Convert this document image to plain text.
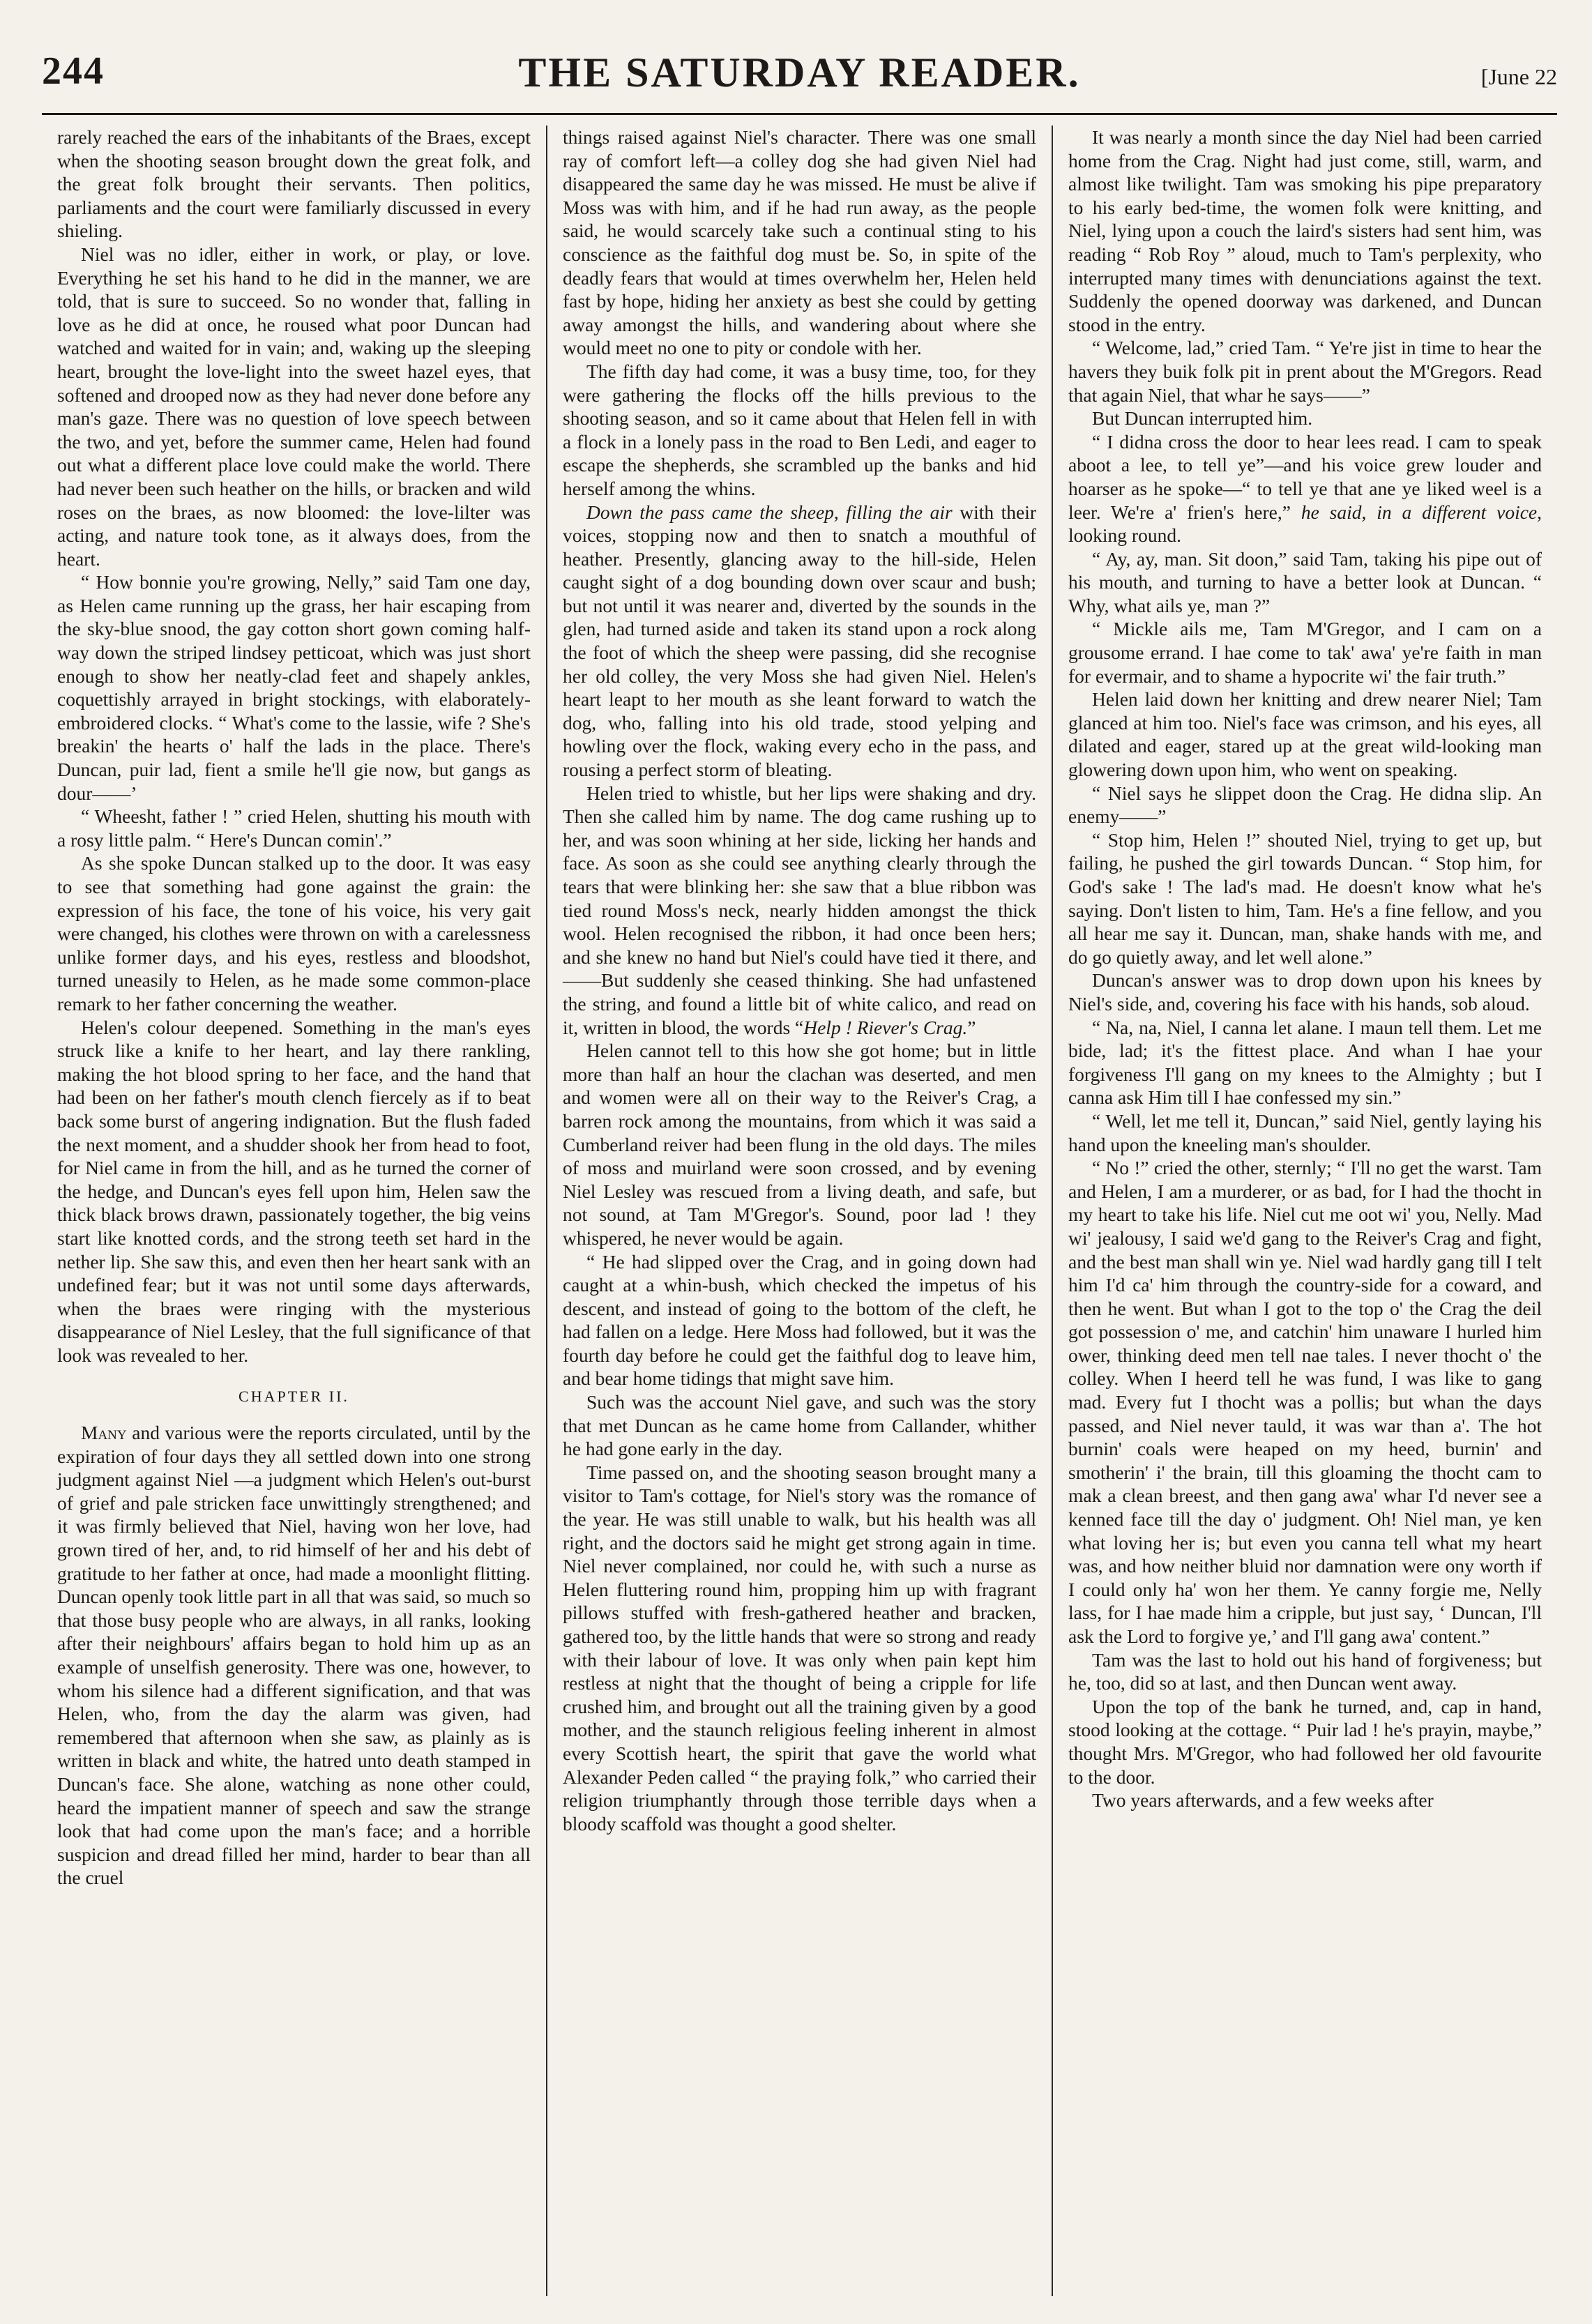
244	THE SATURDAY READER.	[June 22

rarely reached the ears of the inhabitants of the Braes, except when the shooting season brought down the great folk, and the great folk brought their servants. Then politics, parliaments and the court were familiarly discussed in every shieling.

Niel was no idler, either in work, or play, or love. Everything he set his hand to he did in the manner, we are told, that is sure to succeed. So no wonder that, falling in love as he did at once, he roused what poor Duncan had watched and waited for in vain; and, waking up the sleeping heart, brought the love-light into the sweet hazel eyes, that softened and drooped now as they had never done before any man's gaze. There was no question of love speech between the two, and yet, before the summer came, Helen had found out what a different place love could make the world. There had never been such heather on the hills, or bracken and wild roses on the braes, as now bloomed: the love-lilter was acting, and nature took tone, as it always does, from the heart.

“ How bonnie you're growing, Nelly,” said Tam one day, as Helen came running up the grass, her hair escaping from the sky-blue snood, the gay cotton short gown coming half-way down the striped lindsey petticoat, which was just short enough to show her neatly-clad feet and shapely ankles, coquettishly arrayed in bright stockings, with elaborately-embroidered clocks. “ What's come to the lassie, wife ? She's breakin' the hearts o' half the lads in the place. There's Duncan, puir lad, fient a smile he'll gie now, but gangs as dour——’

“ Wheesht, father ! ” cried Helen, shutting his mouth with a rosy little palm. “ Here's Duncan comin'.”

As she spoke Duncan stalked up to the door. It was easy to see that something had gone against the grain: the expression of his face, the tone of his voice, his very gait were changed, his clothes were thrown on with a carelessness unlike former days, and his eyes, restless and bloodshot, turned uneasily to Helen, as he made some common-place remark to her father concerning the weather.

Helen's colour deepened. Something in the man's eyes struck like a knife to her heart, and lay there rankling, making the hot blood spring to her face, and the hand that had been on her father's mouth clench fiercely as if to beat back some burst of angering indignation. But the flush faded the next moment, and a shudder shook her from head to foot, for Niel came in from the hill, and as he turned the corner of the hedge, and Duncan's eyes fell upon him, Helen saw the thick black brows drawn, passionately together, the big veins start like knotted cords, and the strong teeth set hard in the nether lip. She saw this, and even then her heart sank with an undefined fear; but it was not until some days afterwards, when the braes were ringing with the mysterious disappearance of Niel Lesley, that the full significance of that look was revealed to her.

CHAPTER II.

Many and various were the reports circulated, until by the expiration of four days they all settled down into one strong judgment against Niel —a judgment which Helen's out-burst of grief and pale stricken face unwittingly strengthened; and it was firmly believed that Niel, having won her love, had grown tired of her, and, to rid himself of her and his debt of gratitude to her father at once, had made a moonlight flitting. Duncan openly took little part in all that was said, so much so that those busy people who are always, in all ranks, looking after their neighbours' affairs began to hold him up as an example of unselfish generosity. There was one, however, to whom his silence had a different signification, and that was Helen, who, from the day the alarm was given, had remembered that afternoon when she saw, as plainly as is written in black and white, the hatred unto death stamped in Duncan's face. She alone, watching as none other could, heard the impatient manner of speech and saw the strange look that had come upon the man's face; and a horrible suspicion and dread filled her mind, harder to bear than all the cruel

things raised against Niel's character. There was one small ray of comfort left—a colley dog she had given Niel had disappeared the same day he was missed. He must be alive if Moss was with him, and if he had run away, as the people said, he would scarcely take such a continual sting to his conscience as the faithful dog must be. So, in spite of the deadly fears that would at times overwhelm her, Helen held fast by hope, hiding her anxiety as best she could by getting away amongst the hills, and wandering about where she would meet no one to pity or condole with her.

The fifth day had come, it was a busy time, too, for they were gathering the flocks off the hills previous to the shooting season, and so it came about that Helen fell in with a flock in a lonely pass in the road to Ben Ledi, and eager to escape the shepherds, she scrambled up the banks and hid herself among the whins.

Down the pass came the sheep, filling the air with their voices, stopping now and then to snatch a mouthful of heather. Presently, glancing away to the hill-side, Helen caught sight of a dog bounding down over scaur and bush; but not until it was nearer and, diverted by the sounds in the glen, had turned aside and taken its stand upon a rock along the foot of which the sheep were passing, did she recognise her old colley, the very Moss she had given Niel. Helen's heart leapt to her mouth as she leant forward to watch the dog, who, falling into his old trade, stood yelping and howling over the flock, waking every echo in the pass, and rousing a perfect storm of bleating.

Helen tried to whistle, but her lips were shaking and dry. Then she called him by name. The dog came rushing up to her, and was soon whining at her side, licking her hands and face. As soon as she could see anything clearly through the tears that were blinking her: she saw that a blue ribbon was tied round Moss's neck, nearly hidden amongst the thick wool. Helen recognised the ribbon, it had once been hers; and she knew no hand but Niel's could have tied it there, and——But suddenly she ceased thinking. She had unfastened the string, and found a little bit of white calico, and read on it, written in blood, the words “Help ! Riever's Crag.”

Helen cannot tell to this how she got home; but in little more than half an hour the clachan was deserted, and men and women were all on their way to the Reiver's Crag, a barren rock among the mountains, from which it was said a Cumberland reiver had been flung in the old days. The miles of moss and muirland were soon crossed, and by evening Niel Lesley was rescued from a living death, and safe, but not sound, at Tam M'Gregor's. Sound, poor lad ! they whispered, he never would be again.

“ He had slipped over the Crag, and in going down had caught at a whin-bush, which checked the impetus of his descent, and instead of going to the bottom of the cleft, he had fallen on a ledge. Here Moss had followed, but it was the fourth day before he could get the faithful dog to leave him, and bear home tidings that might save him.

Such was the account Niel gave, and such was the story that met Duncan as he came home from Callander, whither he had gone early in the day.

Time passed on, and the shooting season brought many a visitor to Tam's cottage, for Niel's story was the romance of the year. He was still unable to walk, but his health was all right, and the doctors said he might get strong again in time. Niel never complained, nor could he, with such a nurse as Helen fluttering round him, propping him up with fragrant pillows stuffed with fresh-gathered heather and bracken, gathered too, by the little hands that were so strong and ready with their labour of love. It was only when pain kept him restless at night that the thought of being a cripple for life crushed him, and brought out all the training given by a good mother, and the staunch religious feeling inherent in almost every Scottish heart, the spirit that gave the world what Alexander Peden called “ the praying folk,” who carried their religion triumphantly through those terrible days when a bloody scaffold was thought a good shelter.

It was nearly a month since the day Niel had been carried home from the Crag. Night had just come, still, warm, and almost like twilight. Tam was smoking his pipe preparatory to his early bed-time, the women folk were knitting, and Niel, lying upon a couch the laird's sisters had sent him, was reading “ Rob Roy ” aloud, much to Tam's perplexity, who interrupted many times with denunciations against the text. Suddenly the opened doorway was darkened, and Duncan stood in the entry.

“ Welcome, lad,” cried Tam. “ Ye're jist in time to hear the havers they buik folk pit in prent about the M'Gregors. Read that again Niel, that whar he says——”

But Duncan interrupted him.

“ I didna cross the door to hear lees read. I cam to speak aboot a lee, to tell ye”—and his voice grew louder and hoarser as he spoke—“ to tell ye that ane ye liked weel is a leer. We're a' frien's here,” he said, in a different voice, looking round.

“ Ay, ay, man. Sit doon,” said Tam, taking his pipe out of his mouth, and turning to have a better look at Duncan. “ Why, what ails ye, man ?”

“ Mickle ails me, Tam M'Gregor, and I cam on a grousome errand. I hae come to tak' awa' ye're faith in man for evermair, and to shame a hypocrite wi' the fair truth.”

Helen laid down her knitting and drew nearer Niel; Tam glanced at him too. Niel's face was crimson, and his eyes, all dilated and eager, stared up at the great wild-looking man glowering down upon him, who went on speaking.

“ Niel says he slippet doon the Crag. He didna slip. An enemy——”

“ Stop him, Helen !” shouted Niel, trying to get up, but failing, he pushed the girl towards Duncan. “ Stop him, for God's sake ! The lad's mad. He doesn't know what he's saying. Don't listen to him, Tam. He's a fine fellow, and you all hear me say it. Duncan, man, shake hands with me, and do go quietly away, and let well alone.”

Duncan's answer was to drop down upon his knees by Niel's side, and, covering his face with his hands, sob aloud.

“ Na, na, Niel, I canna let alane. I maun tell them. Let me bide, lad; it's the fittest place. And whan I hae your forgiveness I'll gang on my knees to the Almighty ; but I canna ask Him till I hae confessed my sin.”

“ Well, let me tell it, Duncan,” said Niel, gently laying his hand upon the kneeling man's shoulder.

“ No !” cried the other, sternly; “ I'll no get the warst. Tam and Helen, I am a murderer, or as bad, for I had the thocht in my heart to take his life. Niel cut me oot wi' you, Nelly. Mad wi' jealousy, I said we'd gang to the Reiver's Crag and fight, and the best man shall win ye. Niel wad hardly gang till I telt him I'd ca' him through the country-side for a coward, and then he went. But whan I got to the top o' the Crag the deil got possession o' me, and catchin' him unaware I hurled him ower, thinking deed men tell nae tales. I never thocht o' the colley. When I heerd tell he was fund, I was like to gang mad. Every fut I thocht was a pollis; but whan the days passed, and Niel never tauld, it was war than a'. The hot burnin' coals were heaped on my heed, burnin' and smotherin' i' the brain, till this gloaming the thocht cam to mak a clean breest, and then gang awa' whar I'd never see a kenned face till the day o' judgment. Oh! Niel man, ye ken what loving her is; but even you canna tell what my heart was, and how neither bluid nor damnation were ony worth if I could only ha' won her them. Ye canny forgie me, Nelly lass, for I hae made him a cripple, but just say, ‘ Duncan, I'll ask the Lord to forgive ye,’ and I'll gang awa' content.”

Tam was the last to hold out his hand of forgiveness; but he, too, did so at last, and then Duncan went away.

Upon the top of the bank he turned, and, cap in hand, stood looking at the cottage. “ Puir lad ! he's prayin, maybe,” thought Mrs. M'Gregor, who had followed her old favourite to the door.

Two years afterwards, and a few weeks after
